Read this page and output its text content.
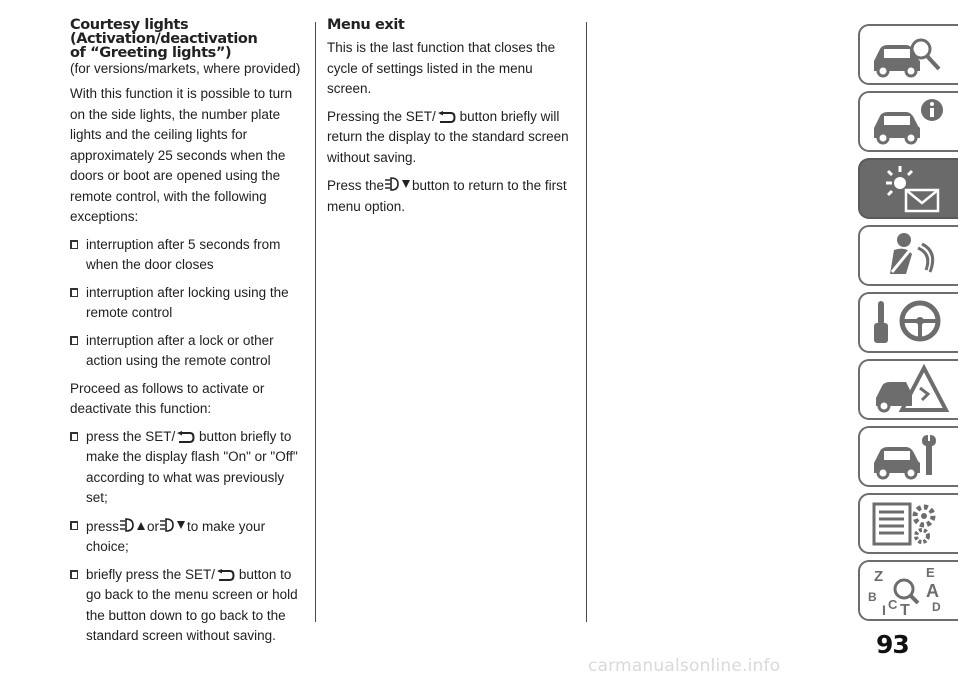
Courtesy lights
(Activation/deactivation
of “Greeting lights”)

(for versions/markets, where provided)

With this function it is possible to turn on the side lights, the number plate lights and the ceiling lights for approximately 25 seconds when the doors or boot are opened using the remote control, with the following exceptions:

interruption after 5 seconds from when the door closes
interruption after locking using the remote control
interruption after a lock or other action using the remote control

Proceed as follows to activate or deactivate this function:

press the SET/ button briefly to make the display flash "On" or "Off" according to what was previously set;
press or to make your choice;
briefly press the SET/ button to go back to the menu screen or hold the button down to go back to the standard screen without saving.
Menu exit

This is the last function that closes the cycle of settings listed in the menu screen.

Pressing the SET/ button briefly will return the display to the standard screen without saving.

Press the button to return to the first menu option.

Z	E
A
B C T
I	D
93
carmanualsonline.info
